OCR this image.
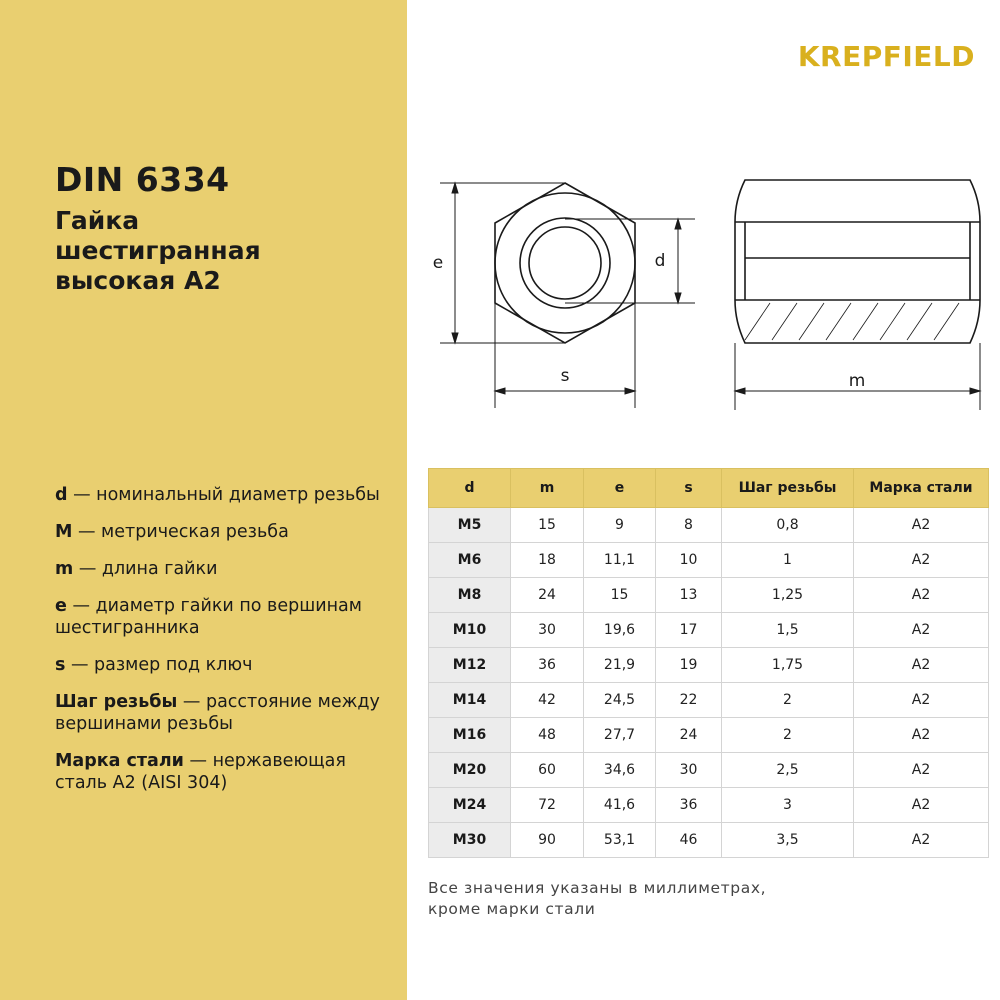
DIN 6334
Гайка
шестигранная
высокая A2
d — номинальный диаметр резьбы
M — метрическая резьба
m — длина гайки
e — диаметр гайки по вершинам шестигранника
s — размер под ключ
Шаг резьбы — расстояние между вершинами резьбы
Марка стали — нержавеющая сталь A2 (AISI 304)
KREPFIELD
e	d
s	m
d	m	e	s	Шаг резьбы	Марка стали
M5	15	9	8	0,8	A2
M6	18	11,1	10	1	A2
M8	24	15	13	1,25	A2
M10	30	19,6	17	1,5	A2
M12	36	21,9	19	1,75	A2
M14	42	24,5	22	2	A2
M16	48	27,7	24	2	A2
M20	60	34,6	30	2,5	A2
M24	72	41,6	36	3	A2
M30	90	53,1	46	3,5	A2
Все значения указаны в миллиметрах,
кроме марки стали
